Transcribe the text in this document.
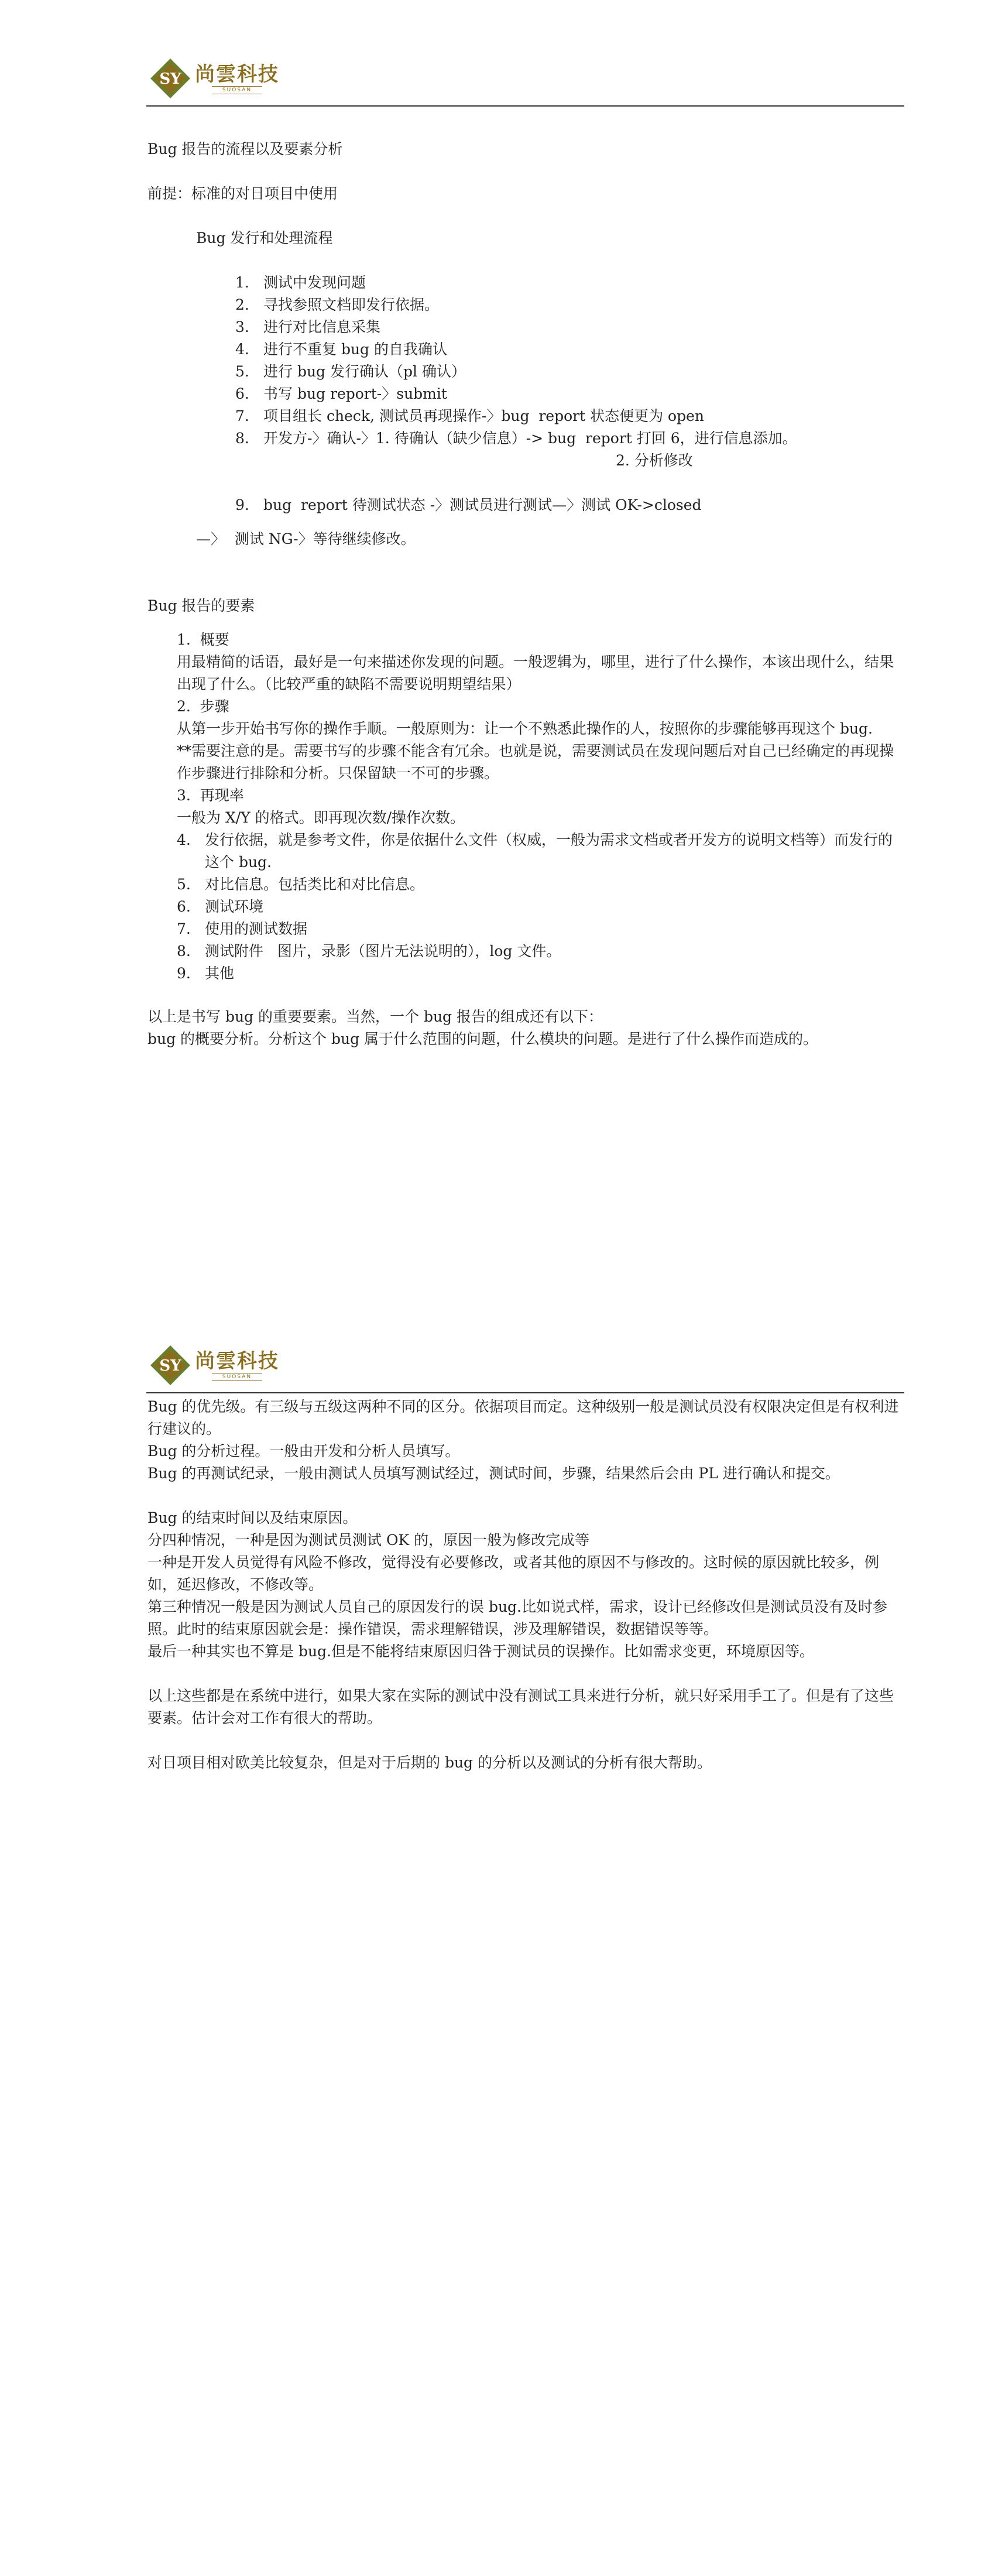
SY 尚雲科技
SUOSAN

Bug 报告的流程以及要素分析

前提：标准的对日项目中使用

Bug 发行和处理流程

1. 测试中发现问题

2. 寻找参照文档即发行依据。

3. 进行对比信息采集

4. 进行不重复 bug 的自我确认

5. 进行 bug 发行确认（pl 确认）

6. 书写 bug report-〉submit

7. 项目组长 check, 测试员再现操作-〉bug  report 状态便更为 open

8. 开发方-〉确认-〉1. 待确认（缺少信息）-> bug  report 打回 6，进行信息添加。

2. 分析修改

9. bug  report 待测试状态 -〉测试员进行测试—〉测试 OK->closed

—〉  测试 NG-〉等待继续修改。

Bug 报告的要素

1.  概要

用最精简的话语，最好是一句来描述你发现的问题。一般逻辑为，哪里，进行了什么操作，本该出现什么，结果出现了什么。（比较严重的缺陷不需要说明期望结果）

2.  步骤

从第一步开始书写你的操作手顺。一般原则为：让一个不熟悉此操作的人，按照你的步骤能够再现这个 bug.

**需要注意的是。需要书写的步骤不能含有冗余。也就是说，需要测试员在发现问题后对自己已经确定的再现操作步骤进行排除和分析。只保留缺一不可的步骤。

3.  再现率

一般为 X/Y 的格式。即再现次数/操作次数。

4. 发行依据，就是参考文件，你是依据什么文件（权威，一般为需求文档或者开发方的说明文档等）而发行的这个 bug.

5. 对比信息。包括类比和对比信息。

6. 测试环境

7. 使用的测试数据

8. 测试附件   图片，录影（图片无法说明的），log 文件。

9. 其他

以上是书写 bug 的重要要素。当然，一个 bug 报告的组成还有以下：

bug 的概要分析。分析这个 bug 属于什么范围的问题，什么模块的问题。是进行了什么操作而造成的。

SY 尚雲科技
SUOSAN

Bug 的优先级。有三级与五级这两种不同的区分。依据项目而定。这种级别一般是测试员没有权限决定但是有权利进行建议的。

Bug 的分析过程。一般由开发和分析人员填写。

Bug 的再测试纪录，一般由测试人员填写测试经过，测试时间，步骤，结果然后会由 PL 进行确认和提交。

Bug 的结束时间以及结束原因。

分四种情况，一种是因为测试员测试 OK 的，原因一般为修改完成等

一种是开发人员觉得有风险不修改，觉得没有必要修改，或者其他的原因不与修改的。这时候的原因就比较多，例如，延迟修改，不修改等。

第三种情况一般是因为测试人员自己的原因发行的误 bug.比如说式样，需求，设计已经修改但是测试员没有及时参照。此时的结束原因就会是：操作错误，需求理解错误，涉及理解错误，数据错误等等。

最后一种其实也不算是 bug.但是不能将结束原因归咎于测试员的误操作。比如需求变更，环境原因等。

以上这些都是在系统中进行，如果大家在实际的测试中没有测试工具来进行分析，就只好采用手工了。但是有了这些要素。估计会对工作有很大的帮助。

对日项目相对欧美比较复杂，但是对于后期的 bug 的分析以及测试的分析有很大帮助。
